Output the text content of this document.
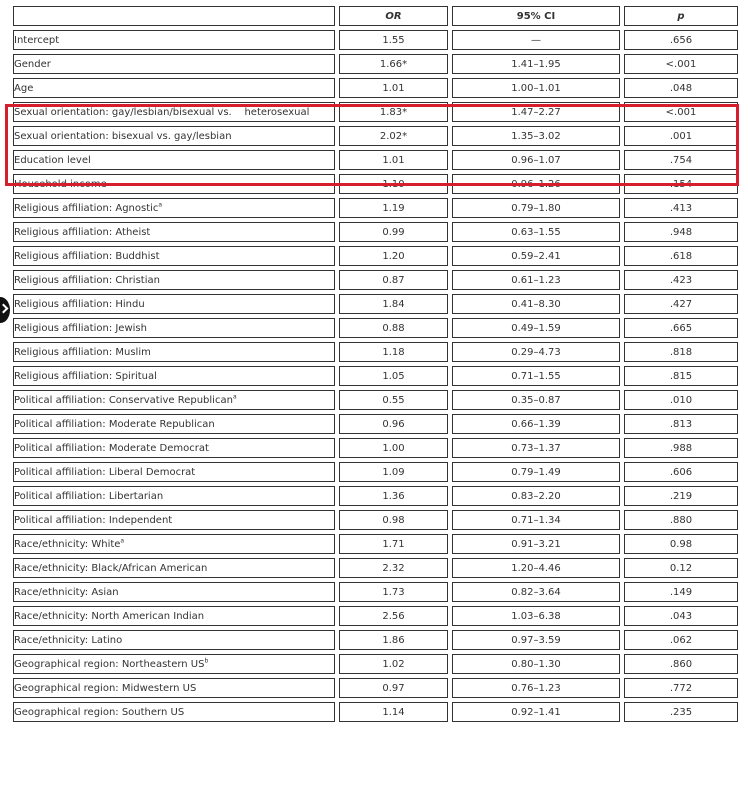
	OR	95% CI	p
Intercept	1.55	—	.656
Gender	1.66*	1.41–1.95	<.001
Age	1.01	1.00–1.01	.048
Sexual orientation: gay/lesbian/bisexual vs.    heterosexual	1.83*	1.47–2.27	<.001
Sexual orientation: bisexual vs. gay/lesbian	2.02*	1.35–3.02	.001
Education level	1.01	0.96–1.07	.754
Household income	1.10	0.96–1.26	.154
Religious affiliation: Agnostic$^a$	1.19	0.79–1.80	.413
Religious affiliation: Atheist	0.99	0.63–1.55	.948
Religious affiliation: Buddhist	1.20	0.59–2.41	.618
Religious affiliation: Christian	0.87	0.61–1.23	.423
Religious affiliation: Hindu	1.84	0.41–8.30	.427
Religious affiliation: Jewish	0.88	0.49–1.59	.665
Religious affiliation: Muslim	1.18	0.29–4.73	.818
Religious affiliation: Spiritual	1.05	0.71–1.55	.815
Political affiliation: Conservative Republican$^a$	0.55	0.35–0.87	.010
Political affiliation: Moderate Republican	0.96	0.66–1.39	.813
Political affiliation: Moderate Democrat	1.00	0.73–1.37	.988
Political affiliation: Liberal Democrat	1.09	0.79–1.49	.606
Political affiliation: Libertarian	1.36	0.83–2.20	.219
Political affiliation: Independent	0.98	0.71–1.34	.880
Race/ethnicity: White$^a$	1.71	0.91–3.21	0.98
Race/ethnicity: Black/African American	2.32	1.20–4.46	0.12
Race/ethnicity: Asian	1.73	0.82–3.64	.149
Race/ethnicity: North American Indian	2.56	1.03–6.38	.043
Race/ethnicity: Latino	1.86	0.97–3.59	.062
Geographical region: Northeastern $US^b$	1.02	0.80–1.30	.860
Geographical region: Midwestern US	0.97	0.76–1.23	.772
Geographical region: Southern US	1.14	0.92–1.41	.235
